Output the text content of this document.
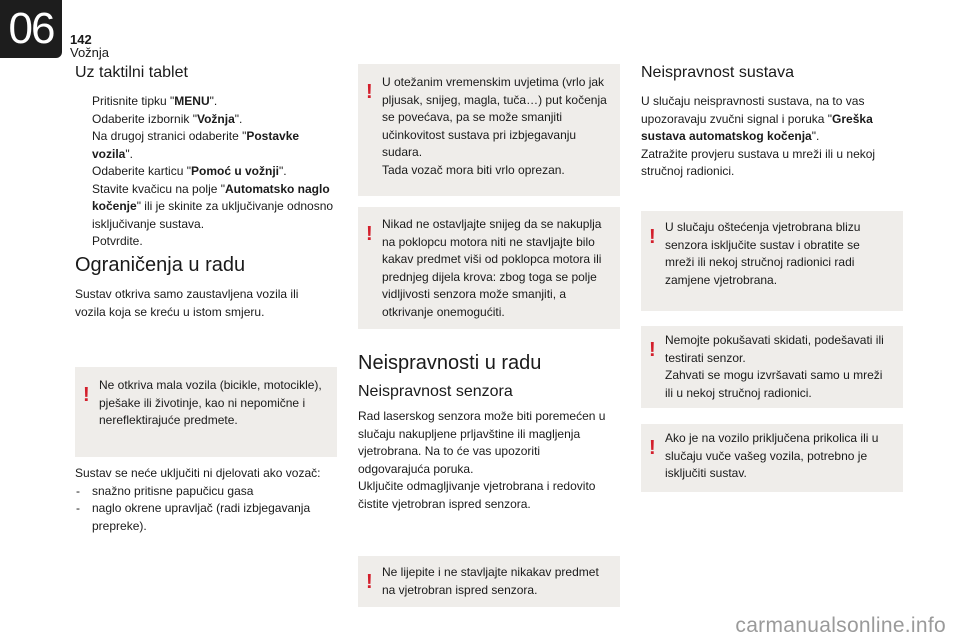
06	142
Vožnja
Uz taktilni tablet
Pritisnite tipku "MENU".
Odaberite izbornik "Vožnja".
Na drugoj stranici odaberite "Postavke vozila".
Odaberite karticu "Pomoć u vožnji".
Stavite kvačicu na polje "Automatsko naglo kočenje" ili je skinite za uključivanje odnosno isključivanje sustava.
Potvrdite.
Ograničenja u radu

Sustav otkriva samo zaustavljena vozila ili vozila koja se kreću u istom smjeru.

! Ne otkriva mala vozila (bicikle, motocikle), pješake ili životinje, kao ni nepomične i nereflektirajuće predmete.

Sustav se neće uključiti ni djelovati ako vozač:

- snažno pritisne papučicu gasa
- naglo okrene upravljač (radi izbjegavanja prepreke).
! U otežanim vremenskim uvjetima (vrlo jak pljusak, snijeg, magla, tuča…) put kočenja se povećava, pa se može smanjiti učinkovitost sustava pri izbjegavanju sudara.

Tada vozač mora biti vrlo oprezan.

! Nikad ne ostavljajte snijeg da se nakuplja na poklopcu motora niti ne stavljajte bilo kakav predmet viši od poklopca motora ili prednjeg dijela krova: zbog toga se polje vidljivosti senzora može smanjiti, a otkrivanje onemogućiti.

Neispravnosti u radu
Neispravnost senzora

Rad laserskog senzora može biti poremećen u slučaju nakupljene prljavštine ili magljenja vjetrobrana. Na to će vas upozoriti odgovarajuća poruka.

Uključite odmagljivanje vjetrobrana i redovito čistite vjetrobran ispred senzora.

! Ne lijepite i ne stavljajte nikakav predmet na vjetrobran ispred senzora.

Neispravnost sustava

U slučaju neispravnosti sustava, na to vas upozoravaju zvučni signal i poruka "Greška sustava automatskog kočenja".

Zatražite provjeru sustava u mreži ili u nekoj stručnoj radionici.

! U slučaju oštećenja vjetrobrana blizu senzora isključite sustav i obratite se mreži ili nekoj stručnoj radionici radi zamjene vjetrobrana.

! Nemojte pokušavati skidati, podešavati ili testirati senzor.

Zahvati se mogu izvršavati samo u mreži ili u nekoj stručnoj radionici.

! Ako je na vozilo priključena prikolica ili u slučaju vuče vašeg vozila, potrebno je isključiti sustav.

carmanualsonline.info
